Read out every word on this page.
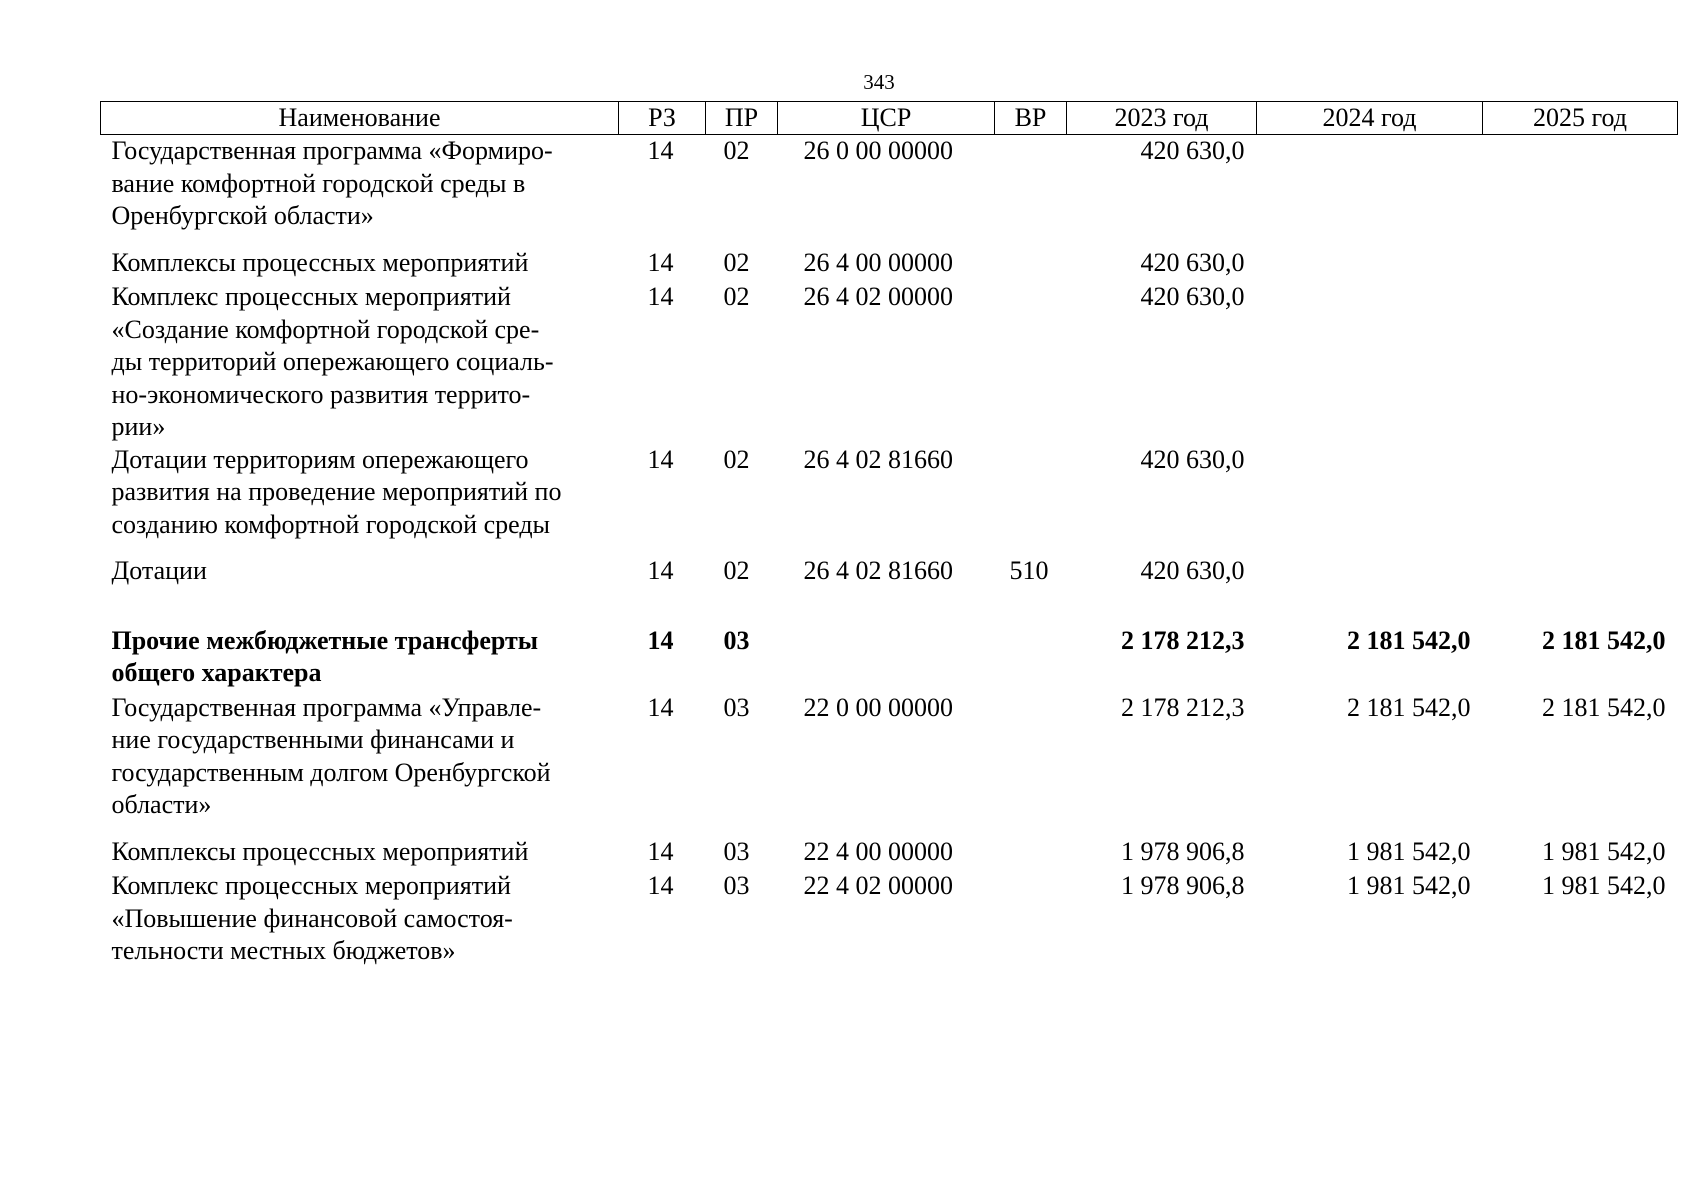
343
Наименование	РЗ	ПР	ЦСР	ВР	2023 год	2024 год	2025 год

Государственная программа «Формиро-
вание комфортной городской среды в
Оренбургской области»	14	02	26 0 00 00000		420 630,0		

Комплексы процессных мероприятий	14	02	26 4 00 00000		420 630,0		

Комплекс процессных мероприятий
«Создание комфортной городской сре-
ды территорий опережающего социаль-
но-экономического развития террито-
рии»	14	02	26 4 02 00000		420 630,0		

Дотации территориям опережающего
развития на проведение мероприятий по
созданию комфортной городской среды	14	02	26 4 02 81660		420 630,0		

Дотации	14	02	26 4 02 81660	510	420 630,0		

Прочие межбюджетные трансферты
общего характера	14	03			2 178 212,3	2 181 542,0	2 181 542,0

Государственная программа «Управле-
ние государственными финансами и
государственным долгом Оренбургской
области»	14	03	22 0 00 00000		2 178 212,3	2 181 542,0	2 181 542,0

Комплексы процессных мероприятий	14	03	22 4 00 00000		1 978 906,8	1 981 542,0	1 981 542,0

Комплекс процессных мероприятий
«Повышение финансовой самостоя-
тельности местных бюджетов»	14	03	22 4 02 00000		1 978 906,8	1 981 542,0	1 981 542,0
